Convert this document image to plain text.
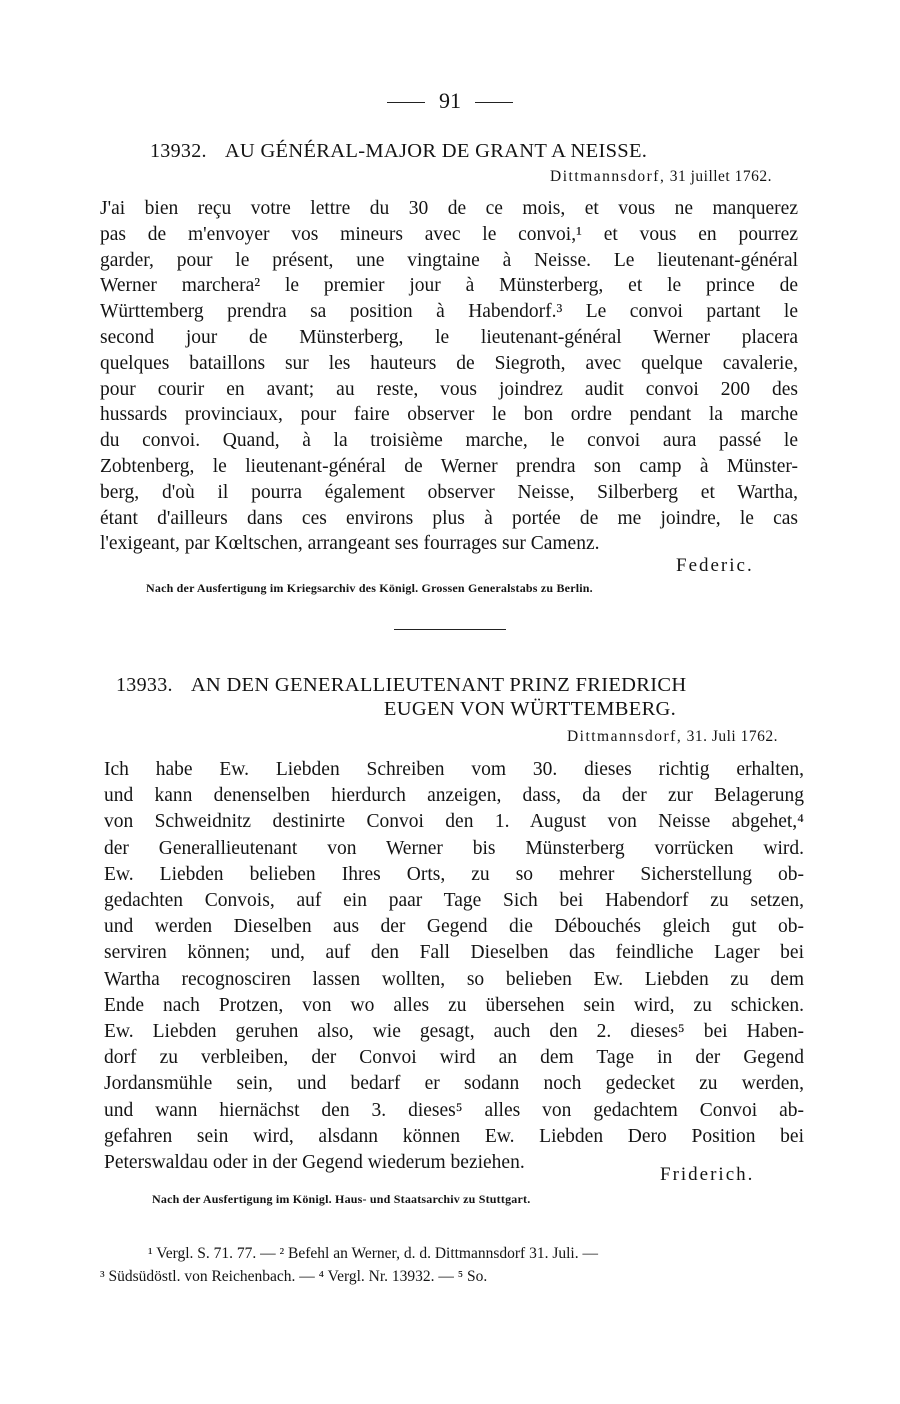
91
13932. AU GÉNÉRAL-MAJOR DE GRANT A NEISSE.
Dittmannsdorf, 31 juillet 1762.
J'ai bien reçu votre lettre du 30 de ce mois, et vous ne manquerez
pas de m'envoyer vos mineurs avec le convoi,¹ et vous en pourrez
garder, pour le présent, une vingtaine à Neisse. Le lieutenant-général
Werner marchera² le premier jour à Münsterberg, et le prince de
Württemberg prendra sa position à Habendorf.³ Le convoi partant le
second jour de Münsterberg, le lieutenant-général Werner placera
quelques bataillons sur les hauteurs de Siegroth, avec quelque cavalerie,
pour courir en avant; au reste, vous joindrez audit convoi 200 des
hussards provinciaux, pour faire observer le bon ordre pendant la marche
du convoi. Quand, à la troisième marche, le convoi aura passé le
Zobtenberg, le lieutenant-général de Werner prendra son camp à Münster-
berg, d'où il pourra également observer Neisse, Silberberg et Wartha,
étant d'ailleurs dans ces environs plus à portée de me joindre, le cas
l'exigeant, par Kœltschen, arrangeant ses fourrages sur Camenz.
Federic.
Nach der Ausfertigung im Kriegsarchiv des Königl. Grossen Generalstabs zu Berlin.
13933. AN DEN GENERALLIEUTENANT PRINZ FRIEDRICH
EUGEN VON WÜRTTEMBERG.
Dittmannsdorf, 31. Juli 1762.
Ich habe Ew. Liebden Schreiben vom 30. dieses richtig erhalten,
und kann denenselben hierdurch anzeigen, dass, da der zur Belagerung
von Schweidnitz destinirte Convoi den 1. August von Neisse abgehet,⁴
der Generallieutenant von Werner bis Münsterberg vorrücken wird.
Ew. Liebden belieben Ihres Orts, zu so mehrer Sicherstellung ob-
gedachten Convois, auf ein paar Tage Sich bei Habendorf zu setzen,
und werden Dieselben aus der Gegend die Débouchés gleich gut ob-
serviren können; und, auf den Fall Dieselben das feindliche Lager bei
Wartha recognosciren lassen wollten, so belieben Ew. Liebden zu dem
Ende nach Protzen, von wo alles zu übersehen sein wird, zu schicken.
Ew. Liebden geruhen also, wie gesagt, auch den 2. dieses⁵ bei Haben-
dorf zu verbleiben, der Convoi wird an dem Tage in der Gegend
Jordansmühle sein, und bedarf er sodann noch gedecket zu werden,
und wann hiernächst den 3. dieses⁵ alles von gedachtem Convoi ab-
gefahren sein wird, alsdann können Ew. Liebden Dero Position bei
Peterswaldau oder in der Gegend wiederum beziehen.
Friderich.
Nach der Ausfertigung im Königl. Haus- und Staatsarchiv zu Stuttgart.
¹ Vergl. S. 71. 77. — ² Befehl an Werner, d. d. Dittmannsdorf 31. Juli. —
³ Südsüdöstl. von Reichenbach. — ⁴ Vergl. Nr. 13932. — ⁵ So.
